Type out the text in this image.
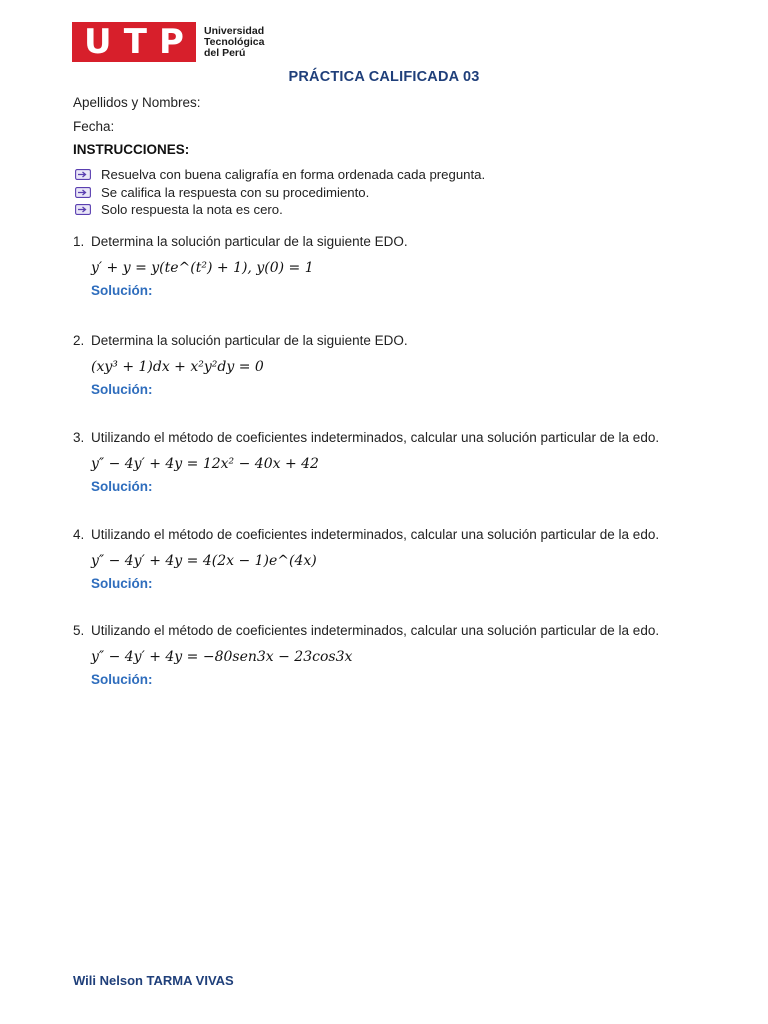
U T P Universidad
Tecnológica
del Perú
PRÁCTICA CALIFICADA 03
Apellidos y Nombres:
Fecha:
INSTRUCCIONES:
Resuelva con buena caligrafía en forma ordenada cada pregunta.
Se califica la respuesta con su procedimiento.
Solo respuesta la nota es cero.
1. Determina la solución particular de la siguiente EDO.
y′ + y = y(te^(t²) + 1), y(0) = 1
Solución:
2. Determina la solución particular de la siguiente EDO.
(xy³ + 1)dx + x²y²dy = 0
Solución:
3. Utilizando el método de coeficientes indeterminados, calcular una solución particular de la edo.
y″ − 4y′ + 4y = 12x² − 40x + 42
Solución:
4. Utilizando el método de coeficientes indeterminados, calcular una solución particular de la edo.
y″ − 4y′ + 4y = 4(2x − 1)e^(4x)
Solución:
5. Utilizando el método de coeficientes indeterminados, calcular una solución particular de la edo.
y″ − 4y′ + 4y = −80sen3x − 23cos3x
Solución:
Wili Nelson TARMA VIVAS
